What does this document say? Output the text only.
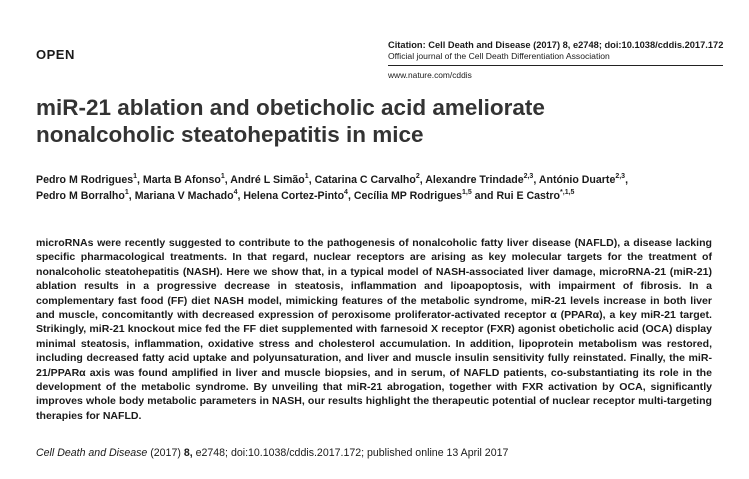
OPEN
Citation: Cell Death and Disease (2017) 8, e2748; doi:10.1038/cddis.2017.172
Official journal of the Cell Death Differentiation Association
www.nature.com/cddis
miR-21 ablation and obeticholic acid ameliorate
nonalcoholic steatohepatitis in mice
Pedro M Rodrigues$^1$, Marta B Afonso$^1$, André L Simão$^1$, Catarina C Carvalho$^2$, Alexandre Trindade$^{2,3}$, António Duarte$^{2,3}$,
Pedro M Borralho$^1$, Mariana V Machado$^4$, Helena Cortez-Pinto$^4$, Cecília MP Rodrigues$^{1,5}$ and Rui E Castro$^{*,1,5}$

microRNAs were recently suggested to contribute to the pathogenesis of nonalcoholic fatty liver disease (NAFLD), a disease lacking specific pharmacological treatments. In that regard, nuclear receptors are arising as key molecular targets for the treatment of nonalcoholic steatohepatitis (NASH). Here we show that, in a typical model of NASH-associated liver damage, microRNA-21 (miR-21) ablation results in a progressive decrease in steatosis, inflammation and lipoapoptosis, with impairment of fibrosis. In a complementary fast food (FF) diet NASH model, mimicking features of the metabolic syndrome, miR-21 levels increase in both liver and muscle, concomitantly with decreased expression of peroxisome proliferator-activated receptor α (PPARα), a key miR-21 target. Strikingly, miR-21 knockout mice fed the FF diet supplemented with farnesoid X receptor (FXR) agonist obeticholic acid (OCA) display minimal steatosis, inflammation, oxidative stress and cholesterol accumulation. In addition, lipoprotein metabolism was restored, including decreased fatty acid uptake and polyunsaturation, and liver and muscle insulin sensitivity fully reinstated. Finally, the miR-21/PPARα axis was found amplified in liver and muscle biopsies, and in serum, of NAFLD patients, co-substantiating its role in the development of the metabolic syndrome. By unveiling that miR-21 abrogation, together with FXR activation by OCA, significantly improves whole body metabolic parameters in NASH, our results highlight the therapeutic potential of nuclear receptor multi-targeting therapies for NAFLD.

Cell Death and Disease (2017) 8, e2748; doi:10.1038/cddis.2017.172; published online 13 April 2017
